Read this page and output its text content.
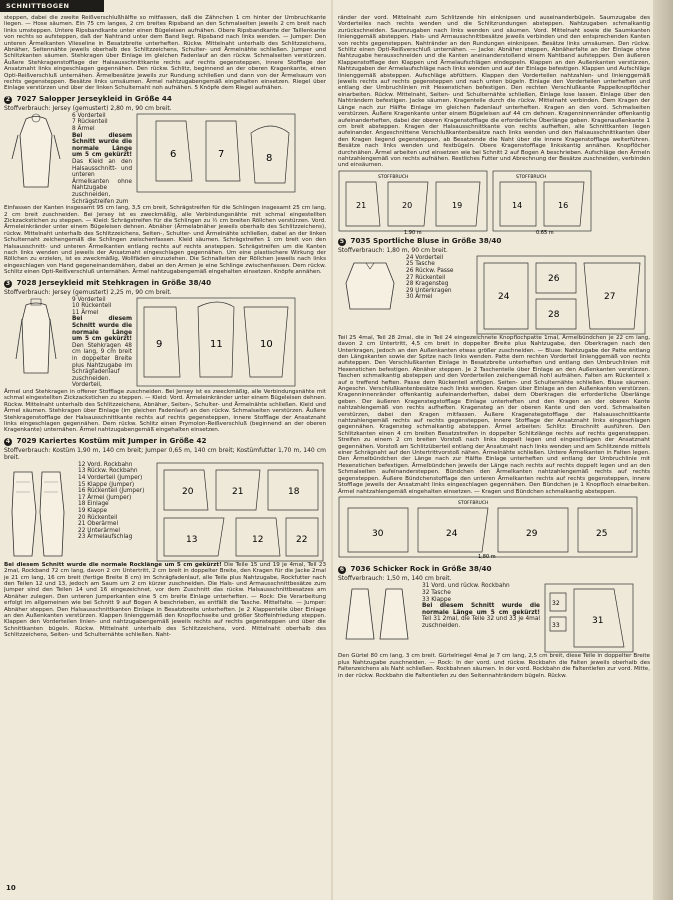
SCHNITTBOGEN

steppen, dabei die zweite Reißverschlußhälfte so mitfassen, daß die Zähnchen 1 cm hinter der Umbruchkante liegen. — Hose säumen. Ein 75 cm langes, 2 cm breites Ripsband an den Schmalseiten jeweils 2 cm breit nach links umsteppen. Untere Ripsbandkante unter einen Bügeleisen aufnähen. Obere Ripsbandkante der Taillenkante von rechts so aufsteppen, daß der Nahtrand unter dem Band liegt. Ripsband nach links wenden. — Jumper: Den unteren Ärmelkanten Vlieseline in Besatzbreite unterheften. Rückw. Mittelnaht unterhalb des Schlitzzeichens, Abnäher, Seitennähte jeweils oberhalb des Schlitzzeichens, Schulter- und Ärmelnähte schließen. Jumper und Schlitzkanten säumen. Stehkragen über Einlage im gleichen Fadenlauf an den rückw. Schmalseiten verstürzen. Äußere Stehkragenstofflage der Halsausschnittkante rechts auf rechts gegensteppen, innere Stofflage der Ansatznaht links eingeschlagen gegennähen. Den rückw. Schlitz, beginnend an der oberen Kragenkante, einen Opti-Reißverschluß unternähen. Ärmelbesätze jeweils zur Rundung schließen und dann von der Ärmelsaum von rechts gegensteppen. Besätze links umsäumen. Ärmel nahtzugabengemäß eingehalten einsetzen. Riegel über Einlage verstürzen und über der linken Schulternaht noh aufnähen. 5 Knöpfe dem Riegel aufnähen.

2 7027 Salopper Jerseykleid in Größe 44

Stoffverbrauch: Jersey (gemustert) 2,80 m, 90 cm breit.

6 Vorderteil
7 Rückenteil
8 Ärmel
Bei diesem Schnitt wurde die normale Länge um 5 cm gekürzt! Das Kleid an den Halsausschnitt- und unteren Ärmelkanten ohne Nahtzugabe zuschneiden, Schrägstreifen zum
6	7	8

Einfassen der Kanten insgesamt 95 cm lang, 3,5 cm breit, Schrägstreifen für die Schlingen insgesamt 25 cm lang, 2 cm breit zuschneiden. Bei Jersey ist es zweckmäßig, alle Verbindungsnähte mit schmal eingestellten Zickzackstichen zu steppen. — Kleid: Schrägstreifen für die Schlingen zu ½ cm breiten Röllchen verstürzen. Vord. Ärmeleinkränder unter einem Bügeleisen dehnen. Abnäher (Ärmelabnäher jeweils oberhalb des Schlitzzeichens), rückw. Mittelnaht unterhalb des Schlitzzeichens, Seiten-, Schulter- und Ärmelnähte schließen, dabei an der linken Schulternaht zeichengemäß die Schlingen zwischenfassen. Kleid säumen. Schrägstreifen 1 cm breit von den Halsausschnitt- und unteren Ärmelkanten entlang rechts auf rechts ansteppen. Schrägstreifen um die Kanten nach links wenden und jeweils der Ansatznaht eingeschlagen gegennähen. Um eine plastischere Wirkung der Röllchen zu erzielen, ist es zweckmäßig, Wollfäden einzuziehen. Die Schnalleiten der Röllchen jeweils nach links eingeschlagen von Hand gegeneinandernähen, dabei an den Armen je eine Schlinge zwischenfassen. Dem rückw. Schlitz einen Opti-Reißverschluß unternähen. Ärmel nahtzugabengemäß eingehalten einsetzen. Knöpfe annähen.

3 7028 Jerseykleid mit Stehkragen in Größe 38/40

Stoffverbrauch: Jersey (gemustert) 2,25 m, 90 cm breit.

9 Vorderteil
10 Rückenteil
11 Ärmel
Bei diesem Schnitt wurde die normale Länge um 5 cm gekürzt! Den Stehkragen 48 cm lang, 9 cm breit in doppelter Breite plus Nahtzugabe im Schrägfadenlauf zuschneiden. Vorderteil,
9	11	10

Ärmel und Stehkragen in offener Stofflage zuschneiden. Bei Jersey ist es zweckmäßig, alle Verbindungsnähte mit schmal eingestellten Zickzackstichen zu steppen. — Kleid: Vord. Ärmeleinkränder unter einem Bügeleisen dehnen. Rückw. Mittelnaht unterhalb des Schlitzzeichens, Abnäher, Seiten-, Schulter- und Ärmelnähte schließen. Kleid und Ärmel säumen. Stehkragen über Einlage (im gleichen Fadenlauf) an den rückw. Schmalseiten verstürzen. Äußere Stehkragenstofflage der Halsausschnittkante rechts auf rechts gegensteppen, innere Stofflage der Ansatznaht links eingeschlagen gegennähen. Dem rückw. Schlitz einen Prymolon-Reißverschluß (beginnend an der oberen Kragenkante) unternähen. Ärmel nahtzugabengemäß eingehalten einsetzen.

4 7029 Kariertes Kostüm mit Jumper in Größe 42

Stoffverbrauch: Kostüm 1,90 m, 140 cm breit; Jumper 0,65 m, 140 cm breit; Kostümfutter 1,70 m, 140 cm breit.

12 Vord. Rockbahn
13 Rückw. Rockbahn
14 Vorderteil (Jumper)
15 Klappe (Jumper)
16 Rückenteil (Jumper)
17 Ärmel (Jumper)
18 Einlage
19 Klappe
20 Rückenteil
21 Oberärmel
22 Unterärmel
23 Ärmelaufschlag
20	21	18
13	12	22

Bei diesem Schnitt wurde die normale Rocklänge um 5 cm gekürzt! Die Teile 15 und 19 je 4mal, Teil 23 2mal, Rockband 72 cm lang, davon 2 cm Untertritt, 2 cm breit in doppelter Breite, den Kragen für die Jacke 2mal je 21 cm lang, 16 cm breit (fertige Breite 8 cm) im Schrägfadenlauf, alle Teile plus Nahtzugabe, Rockfutter nach den Teilen 12 und 13, jedoch am Saum um 2 cm kürzer zuschneiden. Die Hals- und Armausschnittbesätze zum Jumper sind den Teilen 14 und 16 eingezeichnet, vor dem Zuschnitt das rückw. Halsausschnittbesatzes am Abnäher zulegen. Den unteren Jumperkanten eine 5 cm breite Einlage unterheften. — Rock: Die Verarbeitung erfolgt im allgemeinen wie bei Schnitt 9 auf Bogen A beschrieben, es entfällt die Tasche. Mittelfalte. — Jumper: Abnäher steppen. Den Halsausschnittkanten Einlage in Besatzbreite unterheften. Je 2 Klappenteile über Einlage an den Außenkanten verstürzen. Klappen linienggemäß den Knopflochseite und größer Stoffeinfriedung steppen. Klappen den Vorderteilen linien- und nahtzugabengemäß jeweils rechts auf rechts gegensteppen und über die Schnittkanten bügeln. Rückw. Mittelnaht unterhalb des Schlitzzeichens, vord. Mittelnaht oberhalb des Schlitzzeichens, Seiten- und Schulternähte schließen. Naht-

ränder der vord. Mittelnaht zum Schlitzende hin einknipsen und auseinanderbügeln. Saumzugabe des Vorderteiles nach rechts wenden und die Schlitzrundungen absteppen. Nahtzugaben schmalkantig zurückschneiden. Saumzugaben nach links wenden und säumen. Vord. Mittelnaht sowie die Saumkanten linienggemäß absteppen. Hals- und Armausschnittbesätze jeweils verbinden und den entsprechenden Kanten von rechts gegensteppen. Nahtränder an den Rundungen einknipsen. Besätze links umsäumen. Den rückw. Schlitz einen Opti-Reißverschluß unternähen. — Jacke: Abnäher steppen, Abnäherfalte an der Einlage ohne Nahtzugabe herausschneiden und die Kanten aneinanderstoßend einem Nahtband aufsteppen. Den äußeren Klappenstofflage den Klappen und Ärmelaufschlägen eindeppeln. Klappen an den Außenkanten verstürzen, Nahtzugaben der Armelaufschläge nach links wenden und auf der Einlage befestigen. Klappen und Aufschläge linienggemäß absteppen. Aufschläge abfüttern. Klappen den Vorderteilen nahtzahlen- und linienggemäß jeweils rechts auf rechts gegensteppen und nach unten bügeln. Einlage den Vorderteilen unterheften und entlang der Umbruchlinien mit Hexenstichen befestigen. Den rechten Verschlußkante Pappelknopflöcher einarbeiten. Rückw. Mittelnaht, Seiten- und Schulternähte schließen, Einlage lose lassen. Einlage über den Nahträndern befestigen. Jacke säumen. Kragenteile durch die rückw. Mittelnaht verbinden. Dem Kragen der Länge nach zur Hälfte Einlage im gleichen Fadenlauf unterheften. Kragen an den vord. Schmalseiten verstürzen. Äußere Kragenkante unter einem Bügeleisen auf 44 cm dehnen. Kragenninnenränder offenkantig aufeinanderheften, dabei der oberen Kragenstofflage die erforderliche Überlänge geben. Kragenaußenkante 1 cm breit absteppen. Kragen der Halsausschnittkante von rechts aufheften, alle Schnittkanten liegen aufeinander. Angeschnittene Verschlußkantenbesätze nach links wenden und den Halsausschnittkanten über den Kragen liegend gegensteppen, ab Besatzende die Naht über die innere Kragenstofflage weiterführen. Besätze nach links wenden und festbügeln. Obere Kragenstofflage linkskantig annähen. Knopflöcher durchnähen. Ärmel arbeiten und einsetzen wie bei Schnitt 2 auf Bogen A beschrieben. Aufschläge den Ärmeln nahtzahlengemäß von rechts aufnähen. Restliches Futter und Abrechnung der Besätze zuschneiden, verbinden und einsäumen.

STOFFBRUCH
21	20	19
1,90 m
STOFFBRUCH
14	16
0,65 m
5 7035 Sportliche Bluse in Größe 38/40

Stoffverbrauch: 1,80 m, 90 cm breit.

24 Vorderteil
25 Tasche
26 Rückw. Passe
27 Rückenteil
28 Kragensteg
29 Unterkragen
30 Ärmel	24
26
28
27

Teil 25 4mal, Teil 28 2mal, die in Teil 24 eingezeichnete Knopflochpatte 1mal, Ärmelbündchen je 22 cm lang, davon 2 cm Untertritt, 4,5 cm breit in doppelter Breite plus Nahtzugabe, den Oberkragen nach den Unterkragen, jedoch an den Außenkanten etwas größer zuschneiden. — Bluse: Nahtzugabe der Patte entlang den Längskanten sowie der Spitze nach links wenden. Patte dem rechten Vorderteil linienggemäß von rechts aufsteppen. Den Verschlußkanten Einlage in Besatzbreite unterheften und entlang den Umbruchlinien mit Hexenstichen befestigen. Abnäher steppen. Je 2 Taschenteile über Einlage an den Außenkanten verstürzen. Taschen schmalkantig absteppen und den Vorderteilen zeichengemäß hohl aufnähen. Falten am Rückenteil x auf o treffend heften. Passe dem Rückenteil anfügen. Seiten- und Schulternähte schließen. Bluse säumen. Angeschn. Verschlußkantenbesätze nach links wenden. Kragen über Einlage an den Außenkanten verstürzen. Kragenninnenränder offenkantig aufeinanderheften, dabei dem Oberkragen die erforderliche Überlänge geben. Der äußeren Kragenstegstofflage Einlage unterheften und den Kragen an der oberen Kante nahtzahlengemäß von rechts aufheften. Kragensteg an der oberen Kante und den vord. Schmalseiten verstürzen, dabei den Kragen mitfassen. Äußere Kragenstegstofflage der Halsausschnittkante nahtzahlengemäß rechts auf rechts gegensteppen, innere Stofflage der Ansatznaht links eingeschlagen gegennähen. Kragensteg schmalkantig absteppen. Ärmel arbeiten: Schlitz: Einschnitt ausführen. Den Schlitzkanten einen 4 cm breiten Besatzstreifen in doppelter Schlitzlänge rechts auf rechts gegensteppen. Streifen zu einem 2 cm breiten Vorstoß nach links doppelt legen und eingeschlagen der Ansatznaht gegennähen. Vorstoß am Schlitzüberteil entlang der Ansatznaht nach links wenden und am Schlitzende mittels einer Schrägnaht auf den Untertrittvorstoß nähen. Ärmelnähte schließen. Untere Ärmelkanten in Falten legen. Den Ärmelbündchen der Länge nach zur Hälfte Einlage unterheften und entlang der Umbruchlinie mit Hexenstichen befestigen. Ärmelbündchen jeweils der Länge nach rechts auf rechts doppelt legen und an den Schmalseiten aufeinandersteppen. Bündchen den Ärmelkanten nahtzahlengemäß rechts auf rechts gegensteppen. Äußere Bündchenstofflage den unteren Ärmelkanten rechts auf rechts gegensteppen, innere Stofflage jeweils der Ansatznaht links eingeschlagen gegennähen. Den Bündchen je 1 Knopfloch einarbeiten. Ärmel nahtzahlengemäß eingehalten einsetzen. — Kragen und Bündchen schmalkantig absteppen.

STOFFBRUCH
30	24	29	25
1,80 m
6 7036 Schicker Rock in Größe 38/40

Stoffverbrauch: 1,50 m, 140 cm breit.

31 Vord. und rückw. Rockbahn
32 Tasche
33 Klappe
Bei diesem Schnitt wurde die normale Länge um 5 cm gekürzt! Teil 31 2mal, die Teile 32 und 33 je 4mal zuschneiden.	31
32
33

Den Gürtel 80 cm lang, 3 cm breit. Gürtelriegel 4mal je 7 cm lang, 2,5 cm breit, diese Teile in doppelter Breite plus Nahtzugabe zuschneiden. — Rock: In der vord. und rückw. Rockbahn die Falten jeweils oberhalb des Faltenzeichens als Naht schließen. Rockbahnen säumen. In der vord. Rockbahn die Faltentiefen zur vord. Mitte, in der rückw. Rockbahn die Faltentiefen zu den Seitennahträndern bügeln. Rückw.

10
